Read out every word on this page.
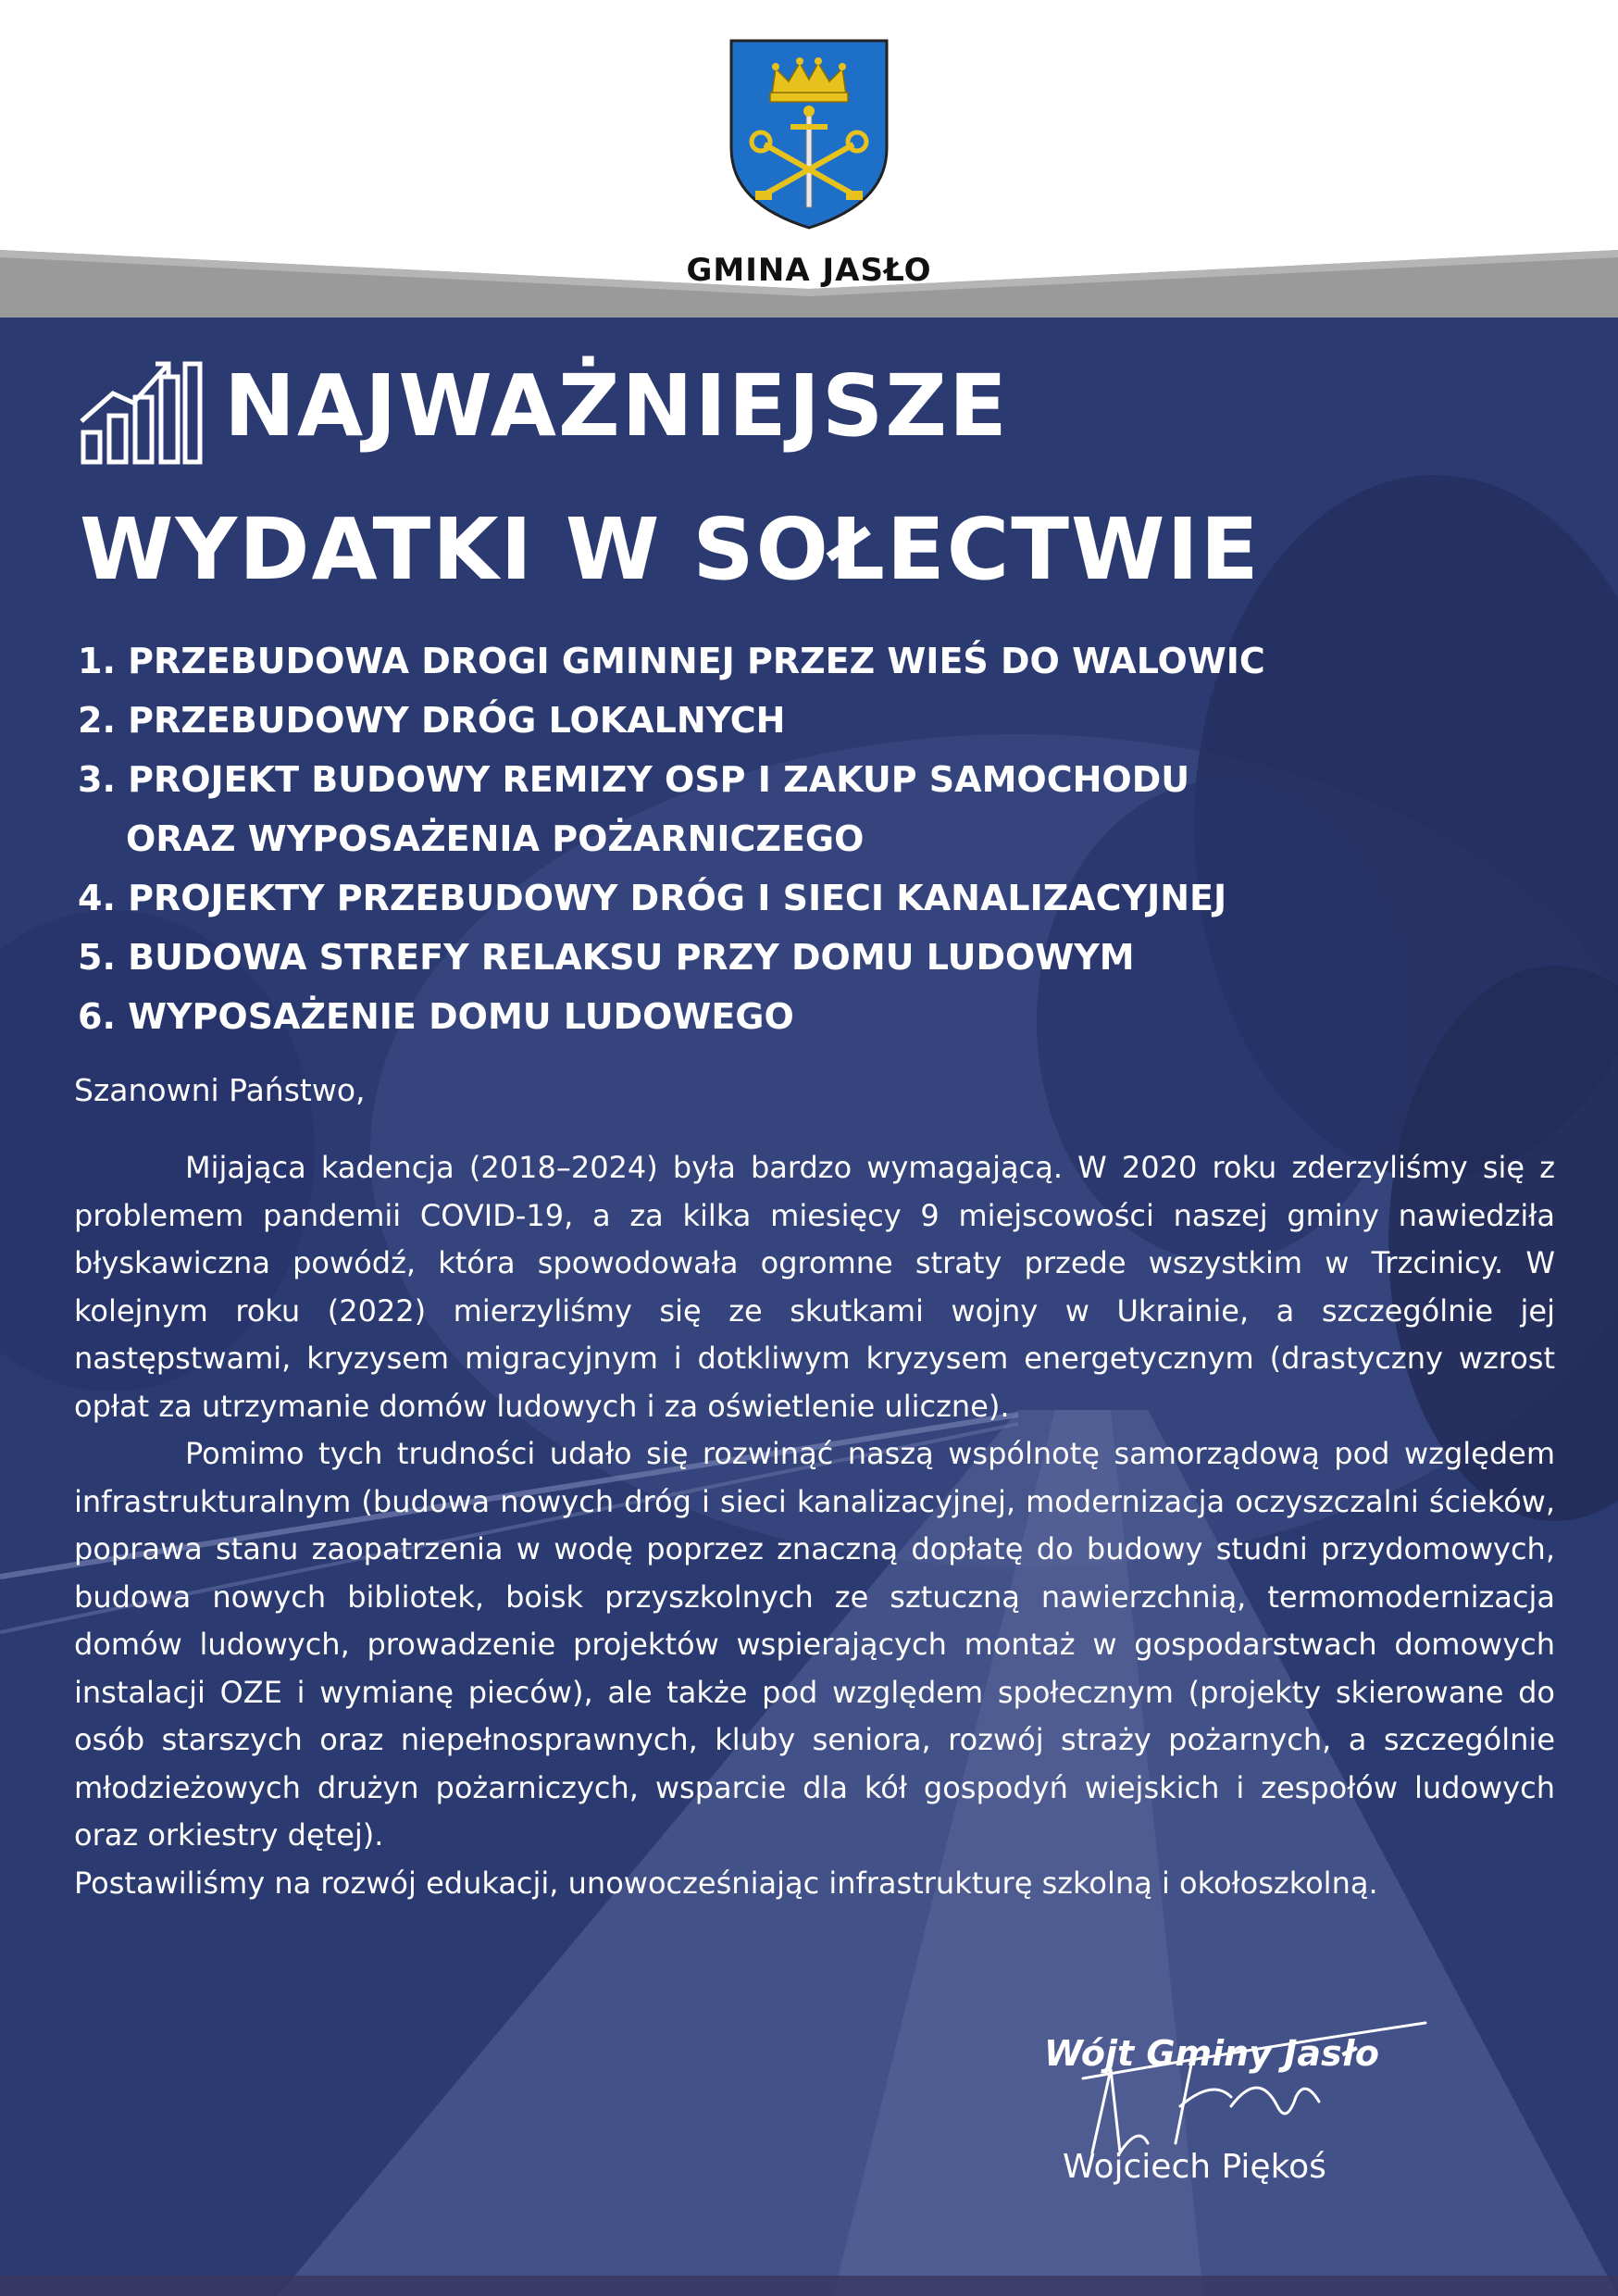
GMINA JASŁO
NAJWAŻNIEJSZE
WYDATKI W SOŁECTWIE
1. PRZEBUDOWA DROGI GMINNEJ PRZEZ WIEŚ DO WALOWIC
2. PRZEBUDOWY DRÓG LOKALNYCH
3. PROJEKT BUDOWY REMIZY OSP I ZAKUP SAMOCHODU
ORAZ WYPOSAŻENIA POŻARNICZEGO
4. PROJEKTY PRZEBUDOWY DRÓG I SIECI KANALIZACYJNEJ
5. BUDOWA STREFY RELAKSU PRZY DOMU LUDOWYM
6. WYPOSAŻENIE DOMU LUDOWEGO
Szanowni Państwo,

Mijająca kadencja (2018–2024) była bardzo wymagającą. W 2020 roku zderzyliśmy się z problemem pandemii COVID-19, a za kilka miesięcy 9 miejscowości naszej gminy nawiedziła błyskawiczna powódź, która spowodowała ogromne straty przede wszystkim w Trzcinicy. W kolejnym roku (2022) mierzyliśmy się ze skutkami wojny w Ukrainie, a szczególnie jej następstwami, kryzysem migracyjnym i dotkliwym kryzysem energetycznym (drastyczny wzrost opłat za utrzymanie domów ludowych i za oświetlenie uliczne).

Pomimo tych trudności udało się rozwinąć naszą wspólnotę samorządową pod względem infrastrukturalnym (budowa nowych dróg i sieci kanalizacyjnej, modernizacja oczyszczalni ścieków, poprawa stanu zaopatrzenia w wodę poprzez znaczną dopłatę do budowy studni przydomowych, budowa nowych bibliotek, boisk przyszkolnych ze sztuczną nawierzchnią, termomodernizacja domów ludowych, prowadzenie projektów wspierających montaż w gospodarstwach domowych instalacji OZE i wymianę pieców), ale także pod względem społecznym (projekty skierowane do osób starszych oraz niepełnosprawnych, kluby seniora, rozwój straży pożarnych, a szczególnie młodzieżowych drużyn pożarniczych, wsparcie dla kół gospodyń wiejskich i zespołów ludowych oraz orkiestry dętej).

Postawiliśmy na rozwój edukacji, unowocześniając infrastrukturę szkolną i okołoszkolną.

Wójt Gminy Jasło
Wojciech Piękoś
